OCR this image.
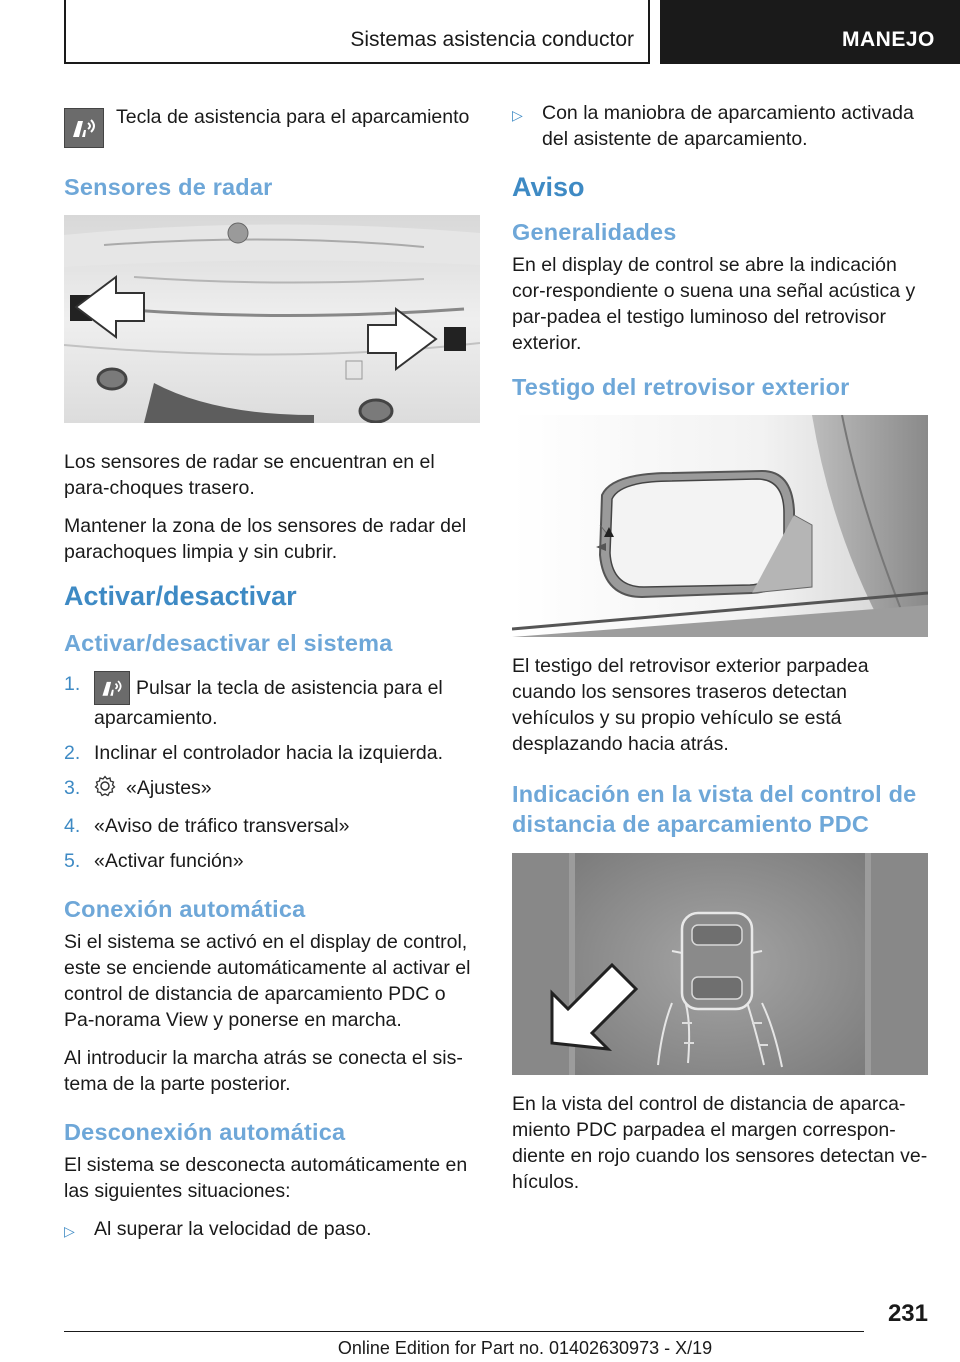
Sistemas asistencia conductor	MANEJO

Tecla de asistencia para el aparcamiento

Sensores de radar

Los sensores de radar se encuentran en el para-choques trasero.

Mantener la zona de los sensores de radar del parachoques limpia y sin cubrir.

Activar/desactivar
Activar/desactivar el sistema
1.	Pulsar la tecla de asistencia para el aparcamiento.
2. Inclinar el controlador hacia la izquierda.
3.	«Ajustes»
4. «Aviso de tráfico transversal»
5. «Activar función»
Conexión automática

Si el sistema se activó en el display de control, este se enciende automáticamente al activar el control de distancia de aparcamiento PDC o Pa-norama View y ponerse en marcha.

Al introducir la marcha atrás se conecta el sis-tema de la parte posterior.

Desconexión automática

El sistema se desconecta automáticamente en las siguientes situaciones:

▷ Al superar la velocidad de paso.
▷ Con la maniobra de aparcamiento activada del asistente de aparcamiento.
Aviso
Generalidades

En el display de control se abre la indicación cor-respondiente o suena una señal acústica y par-padea el testigo luminoso del retrovisor exterior.

Testigo del retrovisor exterior

El testigo del retrovisor exterior parpadea cuando los sensores traseros detectan vehículos y su propio vehículo se está desplazando hacia atrás.

Indicación en la vista del control de distancia de aparcamiento PDC

En la vista del control de distancia de aparca-miento PDC parpadea el margen correspon-diente en rojo cuando los sensores detectan ve-hículos.

231
Online Edition for Part no. 01402630973 - X/19
